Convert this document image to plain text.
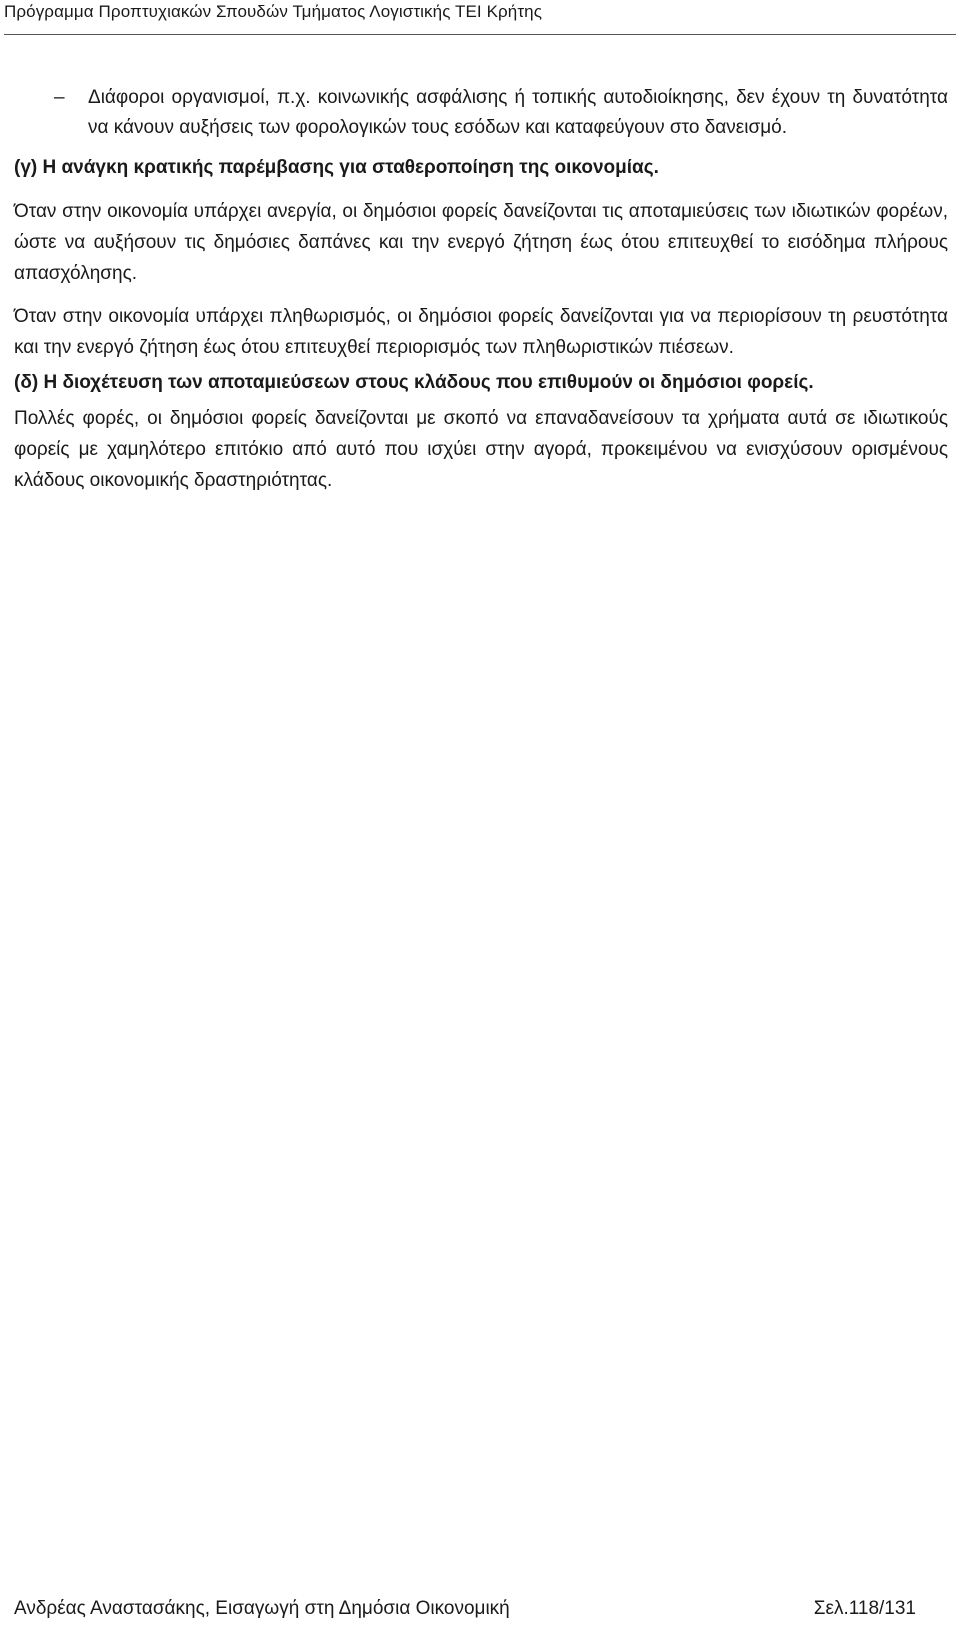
Πρόγραμμα Προπτυχιακών Σπουδών Τμήματος Λογιστικής ΤΕΙ Κρήτης
– Διάφοροι οργανισμοί, π.χ. κοινωνικής ασφάλισης ή τοπικής αυτοδιοίκησης, δεν έχουν τη δυνατότητα να κάνουν αυξήσεις των φορολογικών τους εσόδων και καταφεύγουν στο δανεισμό.
(γ) Η ανάγκη κρατικής παρέμβασης για σταθεροποίηση της οικονομίας.
Όταν στην οικονομία υπάρχει ανεργία, οι δημόσιοι φορείς δανείζονται τις αποταμιεύσεις των ιδιωτικών φορέων, ώστε να αυξήσουν τις δημόσιες δαπάνες και την ενεργό ζήτηση έως ότου επιτευχθεί το εισόδημα πλήρους απασχόλησης.
Όταν στην οικονομία υπάρχει πληθωρισμός, οι δημόσιοι φορείς δανείζονται για να περιορίσουν τη ρευστότητα και την ενεργό ζήτηση έως ότου επιτευχθεί περιορισμός των πληθωριστικών πιέσεων.
(δ) Η διοχέτευση των αποταμιεύσεων στους κλάδους που επιθυμούν οι δημόσιοι φορείς.
Πολλές φορές, οι δημόσιοι φορείς δανείζονται με σκοπό να επαναδανείσουν τα χρήματα αυτά σε ιδιωτικούς φορείς με χαμηλότερο επιτόκιο από αυτό που ισχύει στην αγορά, προκειμένου να ενισχύσουν ορισμένους κλάδους οικονομικής δραστηριότητας.
Ανδρέας Αναστασάκης, Εισαγωγή στη Δημόσια Οικονομική	Σελ.118/131
